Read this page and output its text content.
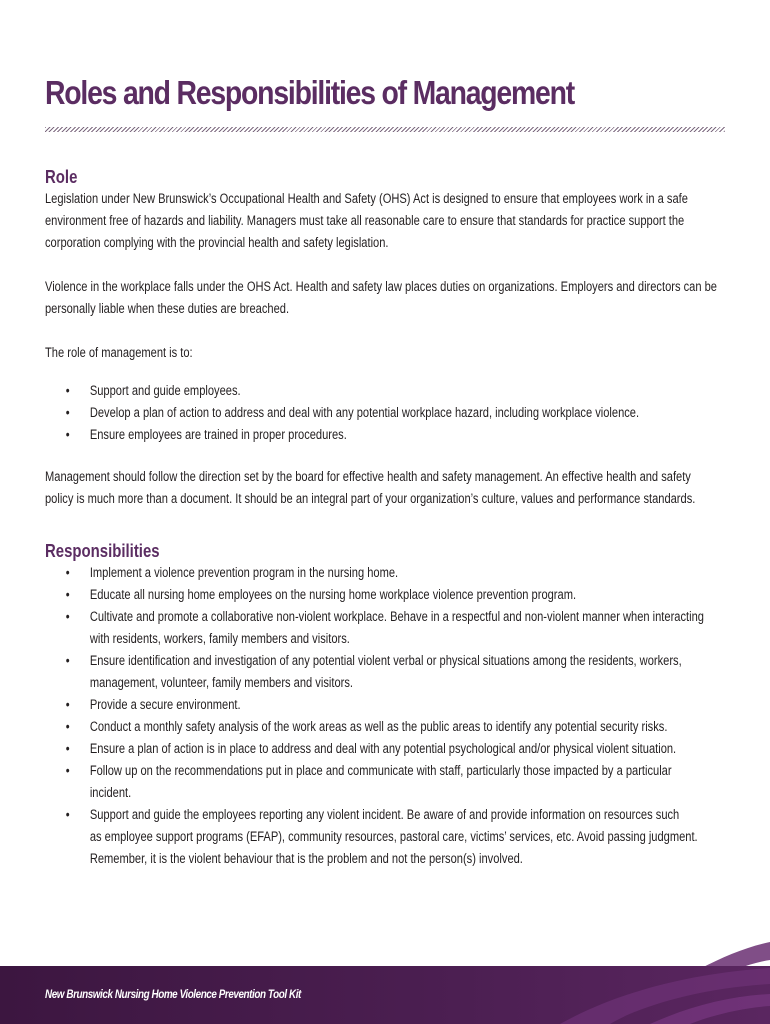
Roles and Responsibilities of Management
Role

Legislation under New Brunswick’s Occupational Health and Safety (OHS) Act is designed to ensure that employees work in a safe
environment free of hazards and liability. Managers must take all reasonable care to ensure that standards for practice support the
corporation complying with the provincial health and safety legislation.

Violence in the workplace falls under the OHS Act. Health and safety law places duties on organizations. Employers and directors can be
personally liable when these duties are breached.

The role of management is to:

• Support and guide employees.
• Develop a plan of action to address and deal with any potential workplace hazard, including workplace violence.
• Ensure employees are trained in proper procedures.

Management should follow the direction set by the board for effective health and safety management. An effective health and safety
policy is much more than a document. It should be an integral part of your organization’s culture, values and performance standards.

Responsibilities
• Implement a violence prevention program in the nursing home.
• Educate all nursing home employees on the nursing home workplace violence prevention program.
• Cultivate and promote a collaborative non-violent workplace. Behave in a respectful and non-violent manner when interacting
with residents, workers, family members and visitors.
• Ensure identification and investigation of any potential violent verbal or physical situations among the residents, workers,
management, volunteer, family members and visitors.
• Provide a secure environment.
• Conduct a monthly safety analysis of the work areas as well as the public areas to identify any potential security risks.
• Ensure a plan of action is in place to address and deal with any potential psychological and/or physical violent situation.
• Follow up on the recommendations put in place and communicate with staff, particularly those impacted by a particular
incident.
• Support and guide the employees reporting any violent incident. Be aware of and provide information on resources such
as employee support programs (EFAP), community resources, pastoral care, victims’ services, etc. Avoid passing judgment.
Remember, it is the violent behaviour that is the problem and not the person(s) involved.
New Brunswick Nursing Home Violence Prevention Tool Kit
